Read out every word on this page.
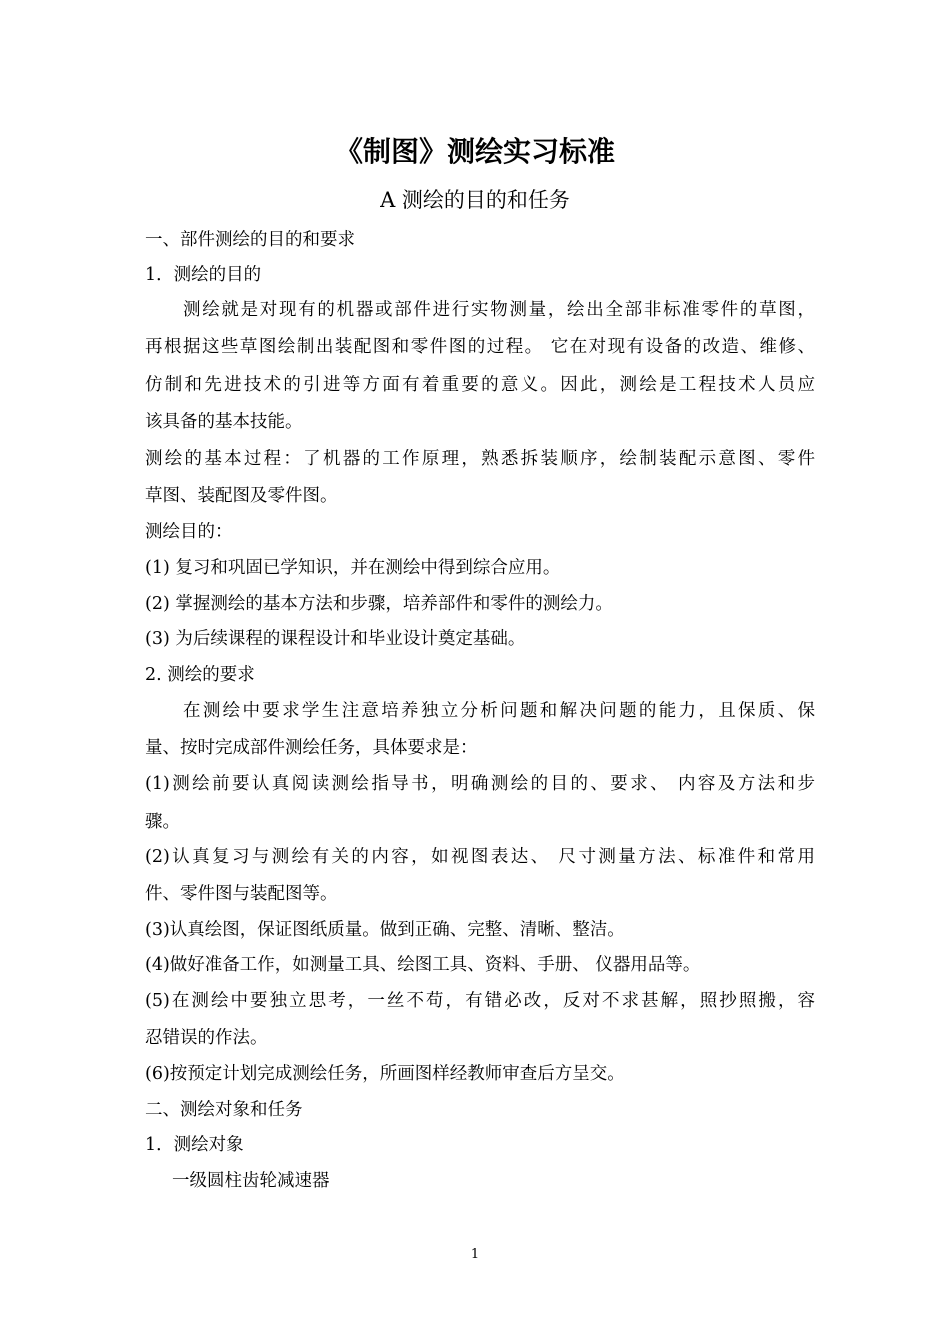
《制图》测绘实习标准
A 测绘的目的和任务
一、部件测绘的目的和要求
1．测绘的目的
测绘就是对现有的机器或部件进行实物测量，绘出全部非标准零件的草图，
再根据这些草图绘制出装配图和零件图的过程。 它在对现有设备的改造、维修、
仿制和先进技术的引进等方面有着重要的意义。因此，测绘是工程技术人员应
该具备的基本技能。
测绘的基本过程：了机器的工作原理，熟悉拆装顺序，绘制装配示意图、零件
草图、装配图及零件图。
测绘目的：
(1) 复习和巩固已学知识，并在测绘中得到综合应用。
(2) 掌握测绘的基本方法和步骤，培养部件和零件的测绘力。
(3) 为后续课程的课程设计和毕业设计奠定基础。
2. 测绘的要求
在测绘中要求学生注意培养独立分析问题和解决问题的能力，且保质、保
量、按时完成部件测绘任务，具体要求是：
(1)测绘前要认真阅读测绘指导书，明确测绘的目的、要求、 内容及方法和步
骤。
(2)认真复习与测绘有关的内容，如视图表达、 尺寸测量方法、标准件和常用
件、零件图与装配图等。
(3)认真绘图，保证图纸质量。做到正确、完整、清晰、整洁。
(4)做好准备工作，如测量工具、绘图工具、资料、手册、 仪器用品等。
(5)在测绘中要独立思考，一丝不苟，有错必改，反对不求甚解，照抄照搬，容
忍错误的作法。
(6)按预定计划完成测绘任务，所画图样经教师审查后方呈交。
二、测绘对象和任务
1．测绘对象
一级圆柱齿轮减速器
1
